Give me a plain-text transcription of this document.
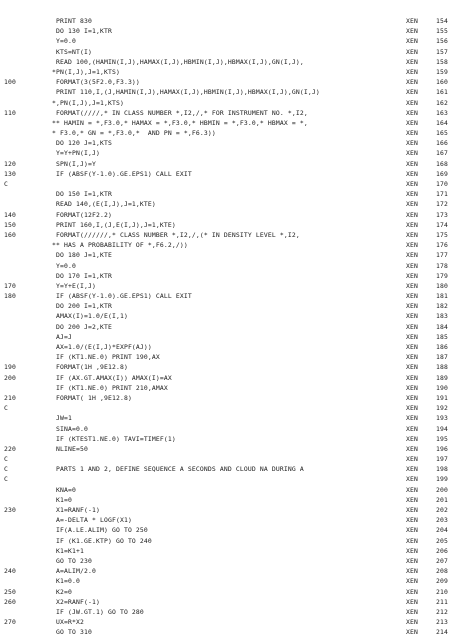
PRINT 830	XEN	154
DO 130 I=1,KTR	XEN	155
Y=0.0	XEN	156
KTS=NT(I)	XEN	157
READ 100,(HAMIN(I,J),HAMAX(I,J),HBMIN(I,J),HBMAX(I,J),GN(I,J),	XEN	158
*PN(I,J),J=1,KTS)	XEN	159
100	FORMAT(3(5F2.0,F3.3))	XEN	160
PRINT 110,I,(J,HAMIN(I,J),HAMAX(I,J),HBMIN(I,J),HBMAX(I,J),GN(I,J)	XEN	161
*,PN(I,J),J=1,KTS)	XEN	162
110	FORMAT(////,* IN CLASS NUMBER *,I2,/,* FOR INSTRUMENT NO. *,I2,	XEN	163
** HAMIN = *,F3.0,* HAMAX = *,F3.0,* HBMIN = *,F3.0,* HBMAX = *,	XEN	164
* F3.0,* GN = *,F3.0,*  AND PN = *,F6.3))	XEN	165
DO 120 J=1,KTS	XEN	166
Y=Y+PN(I,J)	XEN	167
120	SPN(I,J)=Y	XEN	168
130	IF (ABSF(Y-1.0).GE.EPS1) CALL EXIT	XEN	169
C	XEN	170
DO 150 I=1,KTR	XEN	171
READ 140,(E(I,J),J=1,KTE)	XEN	172
140	FORMAT(12F2.2)	XEN	173
150	PRINT 160,I,(J,E(I,J),J=1,KTE)	XEN	174
160	FORMAT(//////,* CLASS NUMBER *,I2,/,(* IN DENSITY LEVEL *,I2,	XEN	175
** HAS A PROBABILITY OF *,F6.2,/))	XEN	176
DO 180 J=1,KTE	XEN	177
Y=0.0	XEN	178
DO 170 I=1,KTR	XEN	179
170	Y=Y+E(I,J)	XEN	180
180	IF (ABSF(Y-1.0).GE.EPS1) CALL EXIT	XEN	181
DO 200 I=1,KTR	XEN	182
AMAX(I)=1.0/E(I,1)	XEN	183
DO 200 J=2,KTE	XEN	184
AJ=J	XEN	185
AX=1.0/(E(I,J)*EXPF(AJ))	XEN	186
IF (KT1.NE.0) PRINT 190,AX	XEN	187
190	FORMAT(1H ,9E12.8)	XEN	188
200	IF (AX.GT.AMAX(I)) AMAX(I)=AX	XEN	189
IF (KT1.NE.0) PRINT 210,AMAX	XEN	190
210	FORMAT( 1H ,9E12.8)	XEN	191
C	XEN	192
JW=1	XEN	193
SINA=0.0	XEN	194
IF (KTEST1.NE.0) TAVI=TIMEF(1)	XEN	195
220	NLINE=50	XEN	196
C	XEN	197
C	PARTS 1 AND 2, DEFINE SEQUENCE A SECONDS AND CLOUD NA DURING A	XEN	198
C	XEN	199
KNA=0	XEN	200
K1=0	XEN	201
230	X1=RANF(-1)	XEN	202
A=-DELTA * LOGF(X1)	XEN	203
IF(A.LE.ALIM) GO TO 250	XEN	204
IF (K1.GE.KTP) GO TO 240	XEN	205
K1=K1+1	XEN	206
GO TO 230	XEN	207
240	A=ALIM/2.0	XEN	208
K1=0.0	XEN	209
250	K2=0	XEN	210
260	X2=RANF(-1)	XEN	211
IF (JW.GT.1) GO TO 280	XEN	212
270	UX=R*X2	XEN	213
GO TO 310	XEN	214
